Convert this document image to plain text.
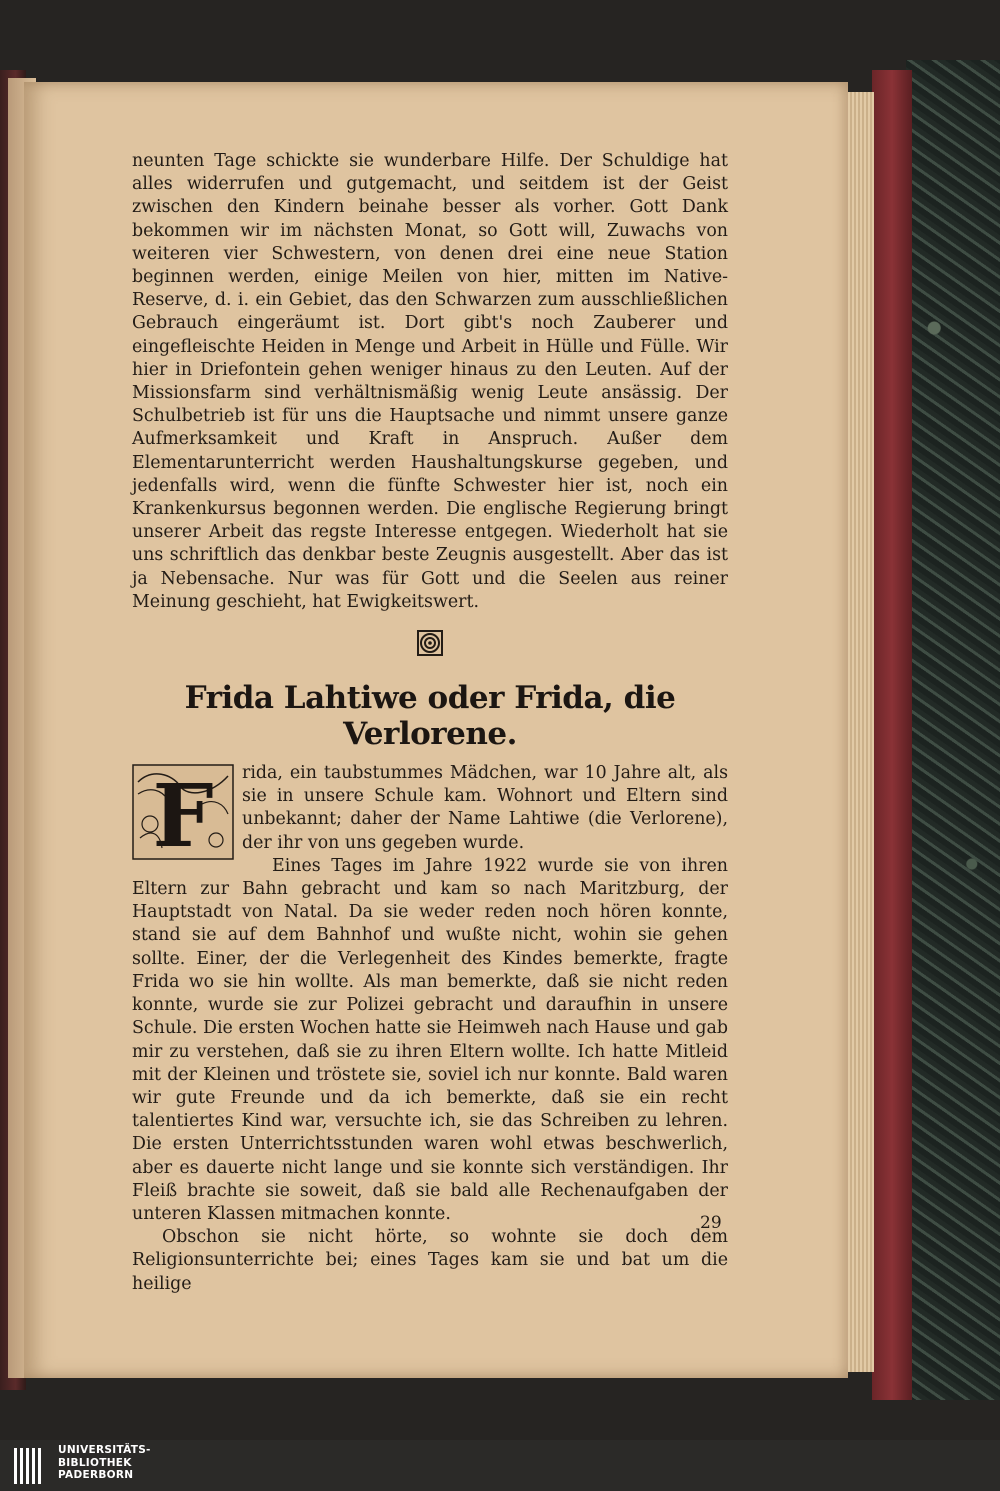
neunten Tage schickte sie wunderbare Hilfe. Der Schuldige hat alles widerrufen und gutgemacht, und seitdem ist der Geist zwischen den Kindern beinahe besser als vorher. Gott Dank bekommen wir im nächsten Monat, so Gott will, Zuwachs von weiteren vier Schwestern, von denen drei eine neue Station beginnen werden, einige Meilen von hier, mitten im Native-Reserve, d. i. ein Gebiet, das den Schwarzen zum ausschließlichen Gebrauch eingeräumt ist. Dort gibt's noch Zauberer und eingefleischte Heiden in Menge und Arbeit in Hülle und Fülle. Wir hier in Driefontein gehen weniger hinaus zu den Leuten. Auf der Missionsfarm sind verhältnismäßig wenig Leute ansässig. Der Schulbetrieb ist für uns die Hauptsache und nimmt unsere ganze Aufmerksamkeit und Kraft in Anspruch. Außer dem Elementarunterricht werden Haushaltungskurse gegeben, und jedenfalls wird, wenn die fünfte Schwester hier ist, noch ein Krankenkursus begonnen werden. Die englische Regierung bringt unserer Arbeit das regste Interesse entgegen. Wiederholt hat sie uns schriftlich das denkbar beste Zeugnis ausgestellt. Aber das ist ja Nebensache. Nur was für Gott und die Seelen aus reiner Meinung geschieht, hat Ewigkeitswert.

Frida Lahtiwe oder Frida, die Verlorene.
F	rida, ein taubstummes Mädchen, war 10 Jahre alt, als sie in unsere Schule kam. Wohnort und Eltern sind unbekannt; daher der Name Lahtiwe (die Verlorene), der ihr von uns gegeben wurde.

Eines Tages im Jahre 1922 wurde sie von ihren Eltern zur Bahn gebracht und kam so nach Maritzburg, der Hauptstadt von Natal. Da sie weder reden noch hören konnte, stand sie auf dem Bahnhof und wußte nicht, wohin sie gehen sollte. Einer, der die Verlegenheit des Kindes bemerkte, fragte Frida wo sie hin wollte. Als man bemerkte, daß sie nicht reden konnte, wurde sie zur Polizei gebracht und daraufhin in unsere Schule. Die ersten Wochen hatte sie Heimweh nach Hause und gab mir zu verstehen, daß sie zu ihren Eltern wollte. Ich hatte Mitleid mit der Kleinen und tröstete sie, soviel ich nur konnte. Bald waren wir gute Freunde und da ich bemerkte, daß sie ein recht talentiertes Kind war, versuchte ich, sie das Schreiben zu lehren. Die ersten Unterrichtsstunden waren wohl etwas beschwerlich, aber es dauerte nicht lange und sie konnte sich verständigen. Ihr Fleiß brachte sie soweit, daß sie bald alle Rechenaufgaben der unteren Klassen mitmachen konnte.

Obschon sie nicht hörte, so wohnte sie doch dem Religionsunterrichte bei; eines Tages kam sie und bat um die heilige

29
UNIVERSITÄTS-
BIBLIOTHEK
PADERBORN
